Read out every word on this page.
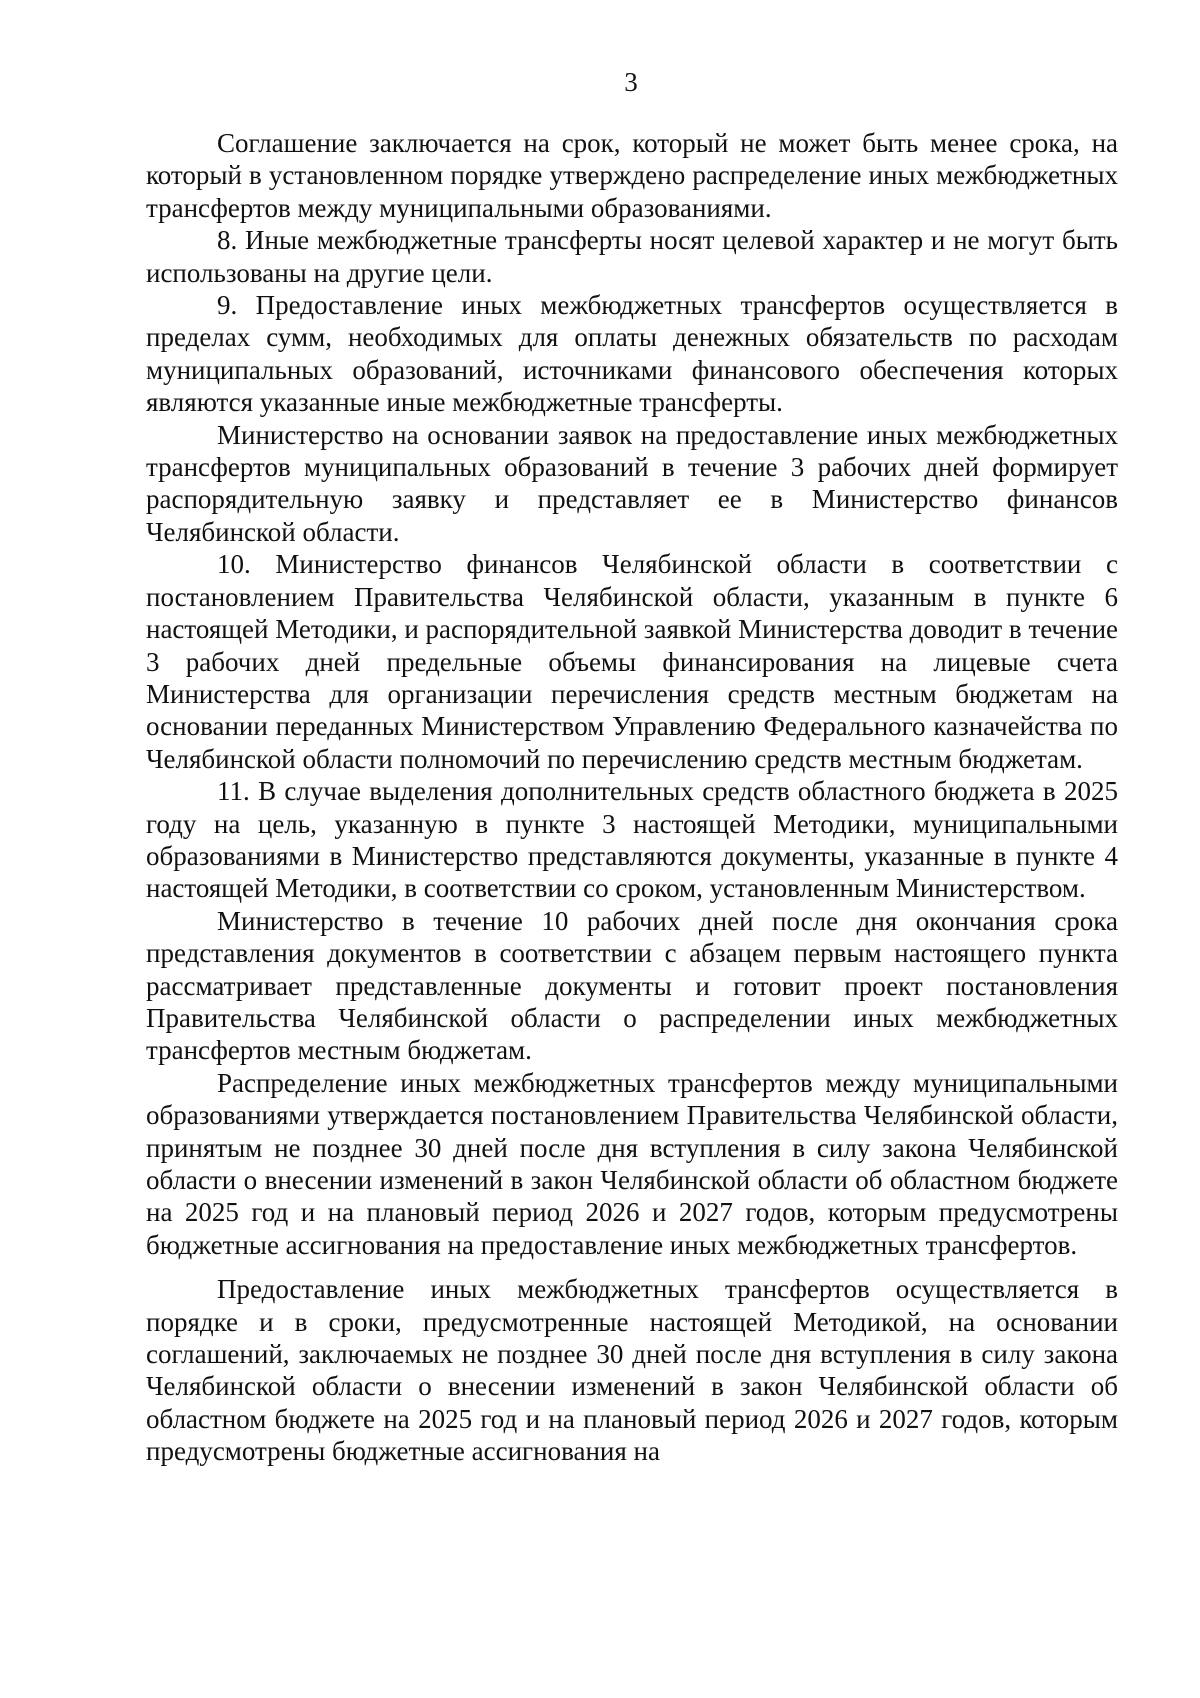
3

Соглашение заключается на срок, который не может быть менее срока, на который в установленном порядке утверждено распределение иных межбюджетных трансфертов между муниципальными образованиями.

8. Иные межбюджетные трансферты носят целевой характер и не могут быть использованы на другие цели.

9. Предоставление иных межбюджетных трансфертов осуществляется в пределах сумм, необходимых для оплаты денежных обязательств по расходам муниципальных образований, источниками финансового обеспечения которых являются указанные иные межбюджетные трансферты.

Министерство на основании заявок на предоставление иных межбюджетных трансфертов муниципальных образований в течение 3 рабочих дней формирует распорядительную заявку и представляет ее в Министерство финансов Челябинской области.

10. Министерство финансов Челябинской области в соответствии с постановлением Правительства Челябинской области, указанным в пункте 6 настоящей Методики, и распорядительной заявкой Министерства доводит в течение 3 рабочих дней предельные объемы финансирования на лицевые счета Министерства для организации перечисления средств местным бюджетам на основании переданных Министерством Управлению Федерального казначейства по Челябинской области полномочий по перечислению средств местным бюджетам.

11. В случае выделения дополнительных средств областного бюджета в 2025 году на цель, указанную в пункте 3 настоящей Методики, муниципальными образованиями в Министерство представляются документы, указанные в пункте 4 настоящей Методики, в соответствии со сроком, установленным Министерством.

Министерство в течение 10 рабочих дней после дня окончания срока представления документов в соответствии с абзацем первым настоящего пункта рассматривает представленные документы и готовит проект постановления Правительства Челябинской области о распределении иных межбюджетных трансфертов местным бюджетам.

Распределение иных межбюджетных трансфертов между муниципальными образованиями утверждается постановлением Правительства Челябинской области, принятым не позднее 30 дней после дня вступления в силу закона Челябинской области о внесении изменений в закон Челябинской области об областном бюджете на 2025 год и на плановый период 2026 и 2027 годов, которым предусмотрены бюджетные ассигнования на предоставление иных межбюджетных трансфертов.

Предоставление иных межбюджетных трансфертов осуществляется в порядке и в сроки, предусмотренные настоящей Методикой, на основании соглашений, заключаемых не позднее 30 дней после дня вступления в силу закона Челябинской области о внесении изменений в закон Челябинской области об областном бюджете на 2025 год и на плановый период 2026 и 2027 годов, которым предусмотрены бюджетные ассигнования на
